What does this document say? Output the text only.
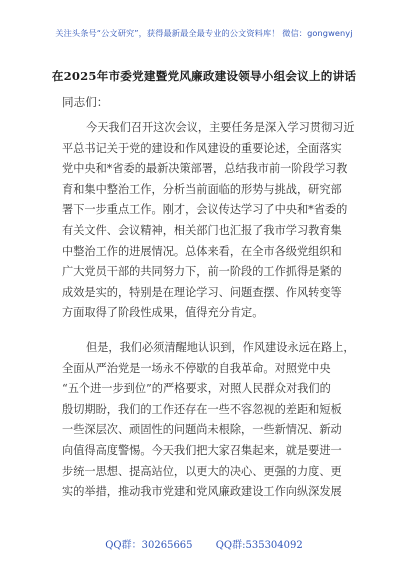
关注头条号“公文研究”，获得最新最全最专业的公文资料库！ 微信：gongwenyj
在2025年市委党建暨党风廉政建设领导小组会议上的讲话
同志们：
今天我们召开这次会议，主要任务是深入学习贯彻习近
平总书记关于党的建设和作风建设的重要论述，全面落实
党中央和*省委的最新决策部署，总结我市前一阶段学习教
育和集中整治工作，分析当前面临的形势与挑战，研究部
署下一步重点工作。刚才，会议传达学习了中央和*省委的
有关文件、会议精神，相关部门也汇报了我市学习教育集
中整治工作的进展情况。总体来看，在全市各级党组织和
广大党员干部的共同努力下，前一阶段的工作抓得是紧的
成效是实的，特别是在理论学习、问题查摆、作风转变等
方面取得了阶段性成果，值得充分肯定。
但是，我们必须清醒地认识到，作风建设永远在路上，
全面从严治党是一场永不停歇的自我革命。对照党中央
“五个进一步到位”的严格要求，对照人民群众对我们的
殷切期盼，我们的工作还存在一些不容忽视的差距和短板
一些深层次、顽固性的问题尚未根除，一些新情况、新动
向值得高度警惕。今天我们把大家召集起来，就是要进一
步统一思想、提高站位，以更大的决心、更强的力度、更
实的举措，推动我市党建和党风廉政建设工作向纵深发展
QQ群：30265665 QQ群:535304092
